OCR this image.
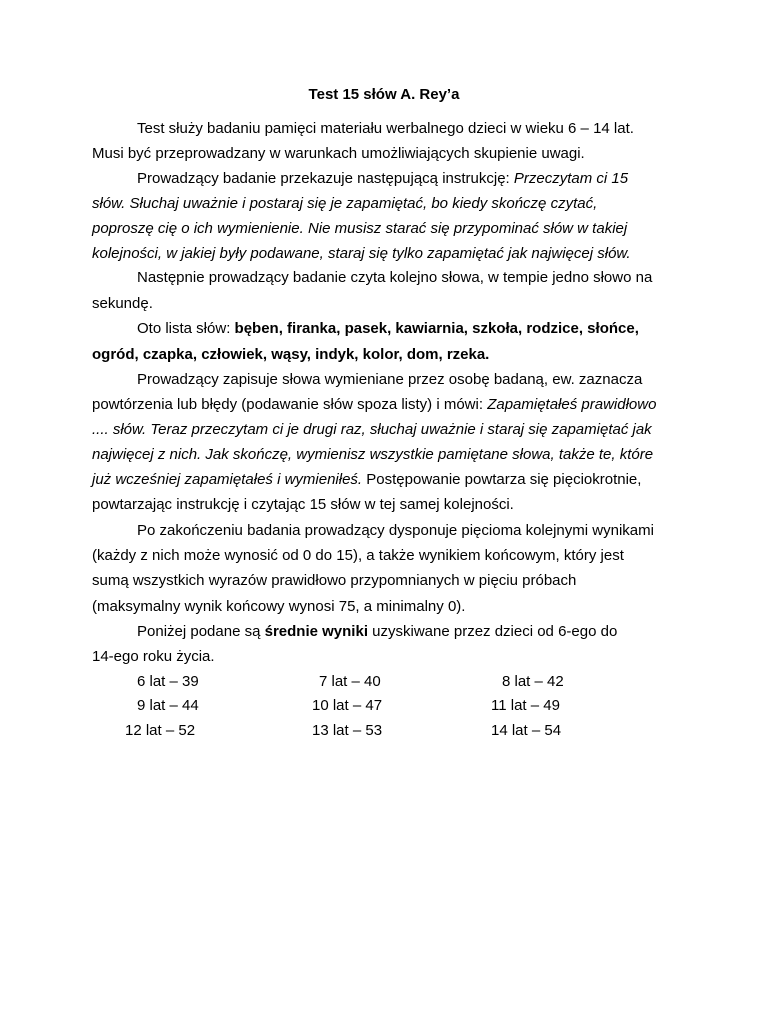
Test 15 słów A. Rey’a
Test służy badaniu pamięci materiału werbalnego dzieci w wieku 6 – 14 lat.
Musi być przeprowadzany w warunkach umożliwiających skupienie uwagi.
Prowadzący badanie przekazuje następującą instrukcję: Przeczytam ci 15
słów. Słuchaj uważnie i postaraj się je zapamiętać, bo kiedy skończę czytać,
poproszę cię o ich wymienienie. Nie musisz starać się przypominać słów w takiej
kolejności, w jakiej były podawane, staraj się tylko zapamiętać jak najwięcej słów.
Następnie prowadzący badanie czyta kolejno słowa, w tempie jedno słowo na
sekundę.
Oto lista słów: bęben, firanka, pasek, kawiarnia, szkoła, rodzice, słońce,
ogród, czapka, człowiek, wąsy, indyk, kolor, dom, rzeka.
Prowadzący zapisuje słowa wymieniane przez osobę badaną, ew. zaznacza
powtórzenia lub błędy (podawanie słów spoza listy) i mówi: Zapamiętałeś prawidłowo
.... słów. Teraz przeczytam ci je drugi raz, słuchaj uważnie i staraj się zapamiętać jak
najwięcej z nich. Jak skończę, wymienisz wszystkie pamiętane słowa, także te, które
już wcześniej zapamiętałeś i wymieniłeś. Postępowanie powtarza się pięciokrotnie,
powtarzając instrukcję i czytając 15 słów w tej samej kolejności.
Po zakończeniu badania prowadzący dysponuje pięcioma kolejnymi wynikami
(każdy z nich może wynosić od 0 do 15), a także wynikiem końcowym, który jest
sumą wszystkich wyrazów prawidłowo przypomnianych w pięciu próbach
(maksymalny wynik końcowy wynosi 75, a minimalny 0).
Poniżej podane są średnie wyniki uzyskiwane przez dzieci od 6-ego do
14-ego roku życia.
6 lat – 39	7 lat – 40	8 lat – 42
9 lat – 44	10 lat – 47	11 lat – 49
12 lat – 52	13 lat – 53	14 lat – 54
